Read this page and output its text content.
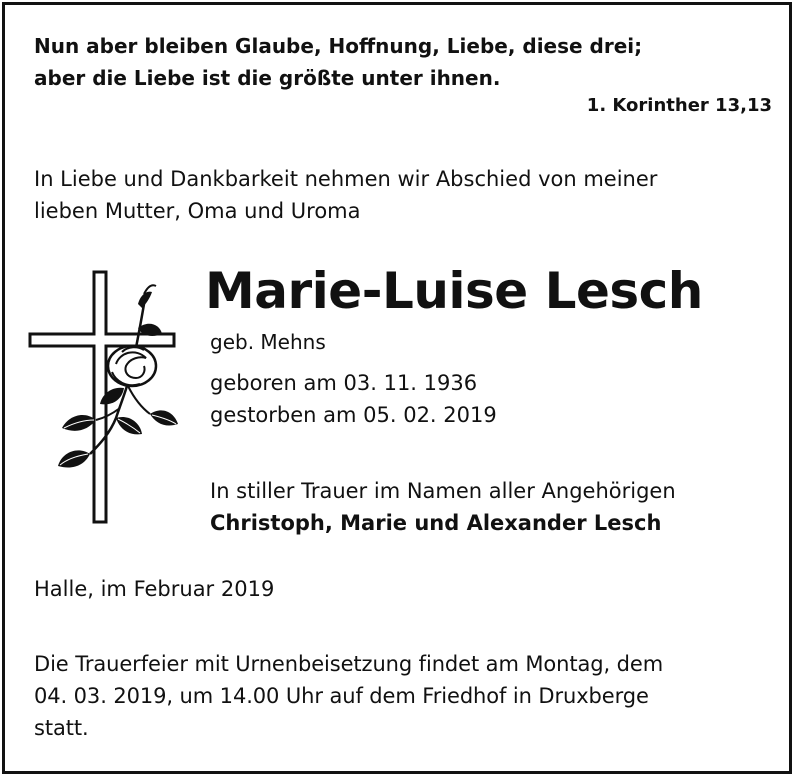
Nun aber bleiben Glaube, Hoffnung, Liebe, diese drei;
aber die Liebe ist die größte unter ihnen.
1. Korinther 13,13
In Liebe und Dankbarkeit nehmen wir Abschied von meiner
lieben Mutter, Oma und Uroma
Marie-Luise Lesch
geb. Mehns
geboren am 03. 11. 1936
gestorben am 05. 02. 2019
In stiller Trauer im Namen aller Angehörigen
Christoph, Marie und Alexander Lesch
Halle, im Februar 2019
Die Trauerfeier mit Urnenbeisetzung findet am Montag, dem
04. 03. 2019, um 14.00 Uhr auf dem Friedhof in Druxberge
statt.
